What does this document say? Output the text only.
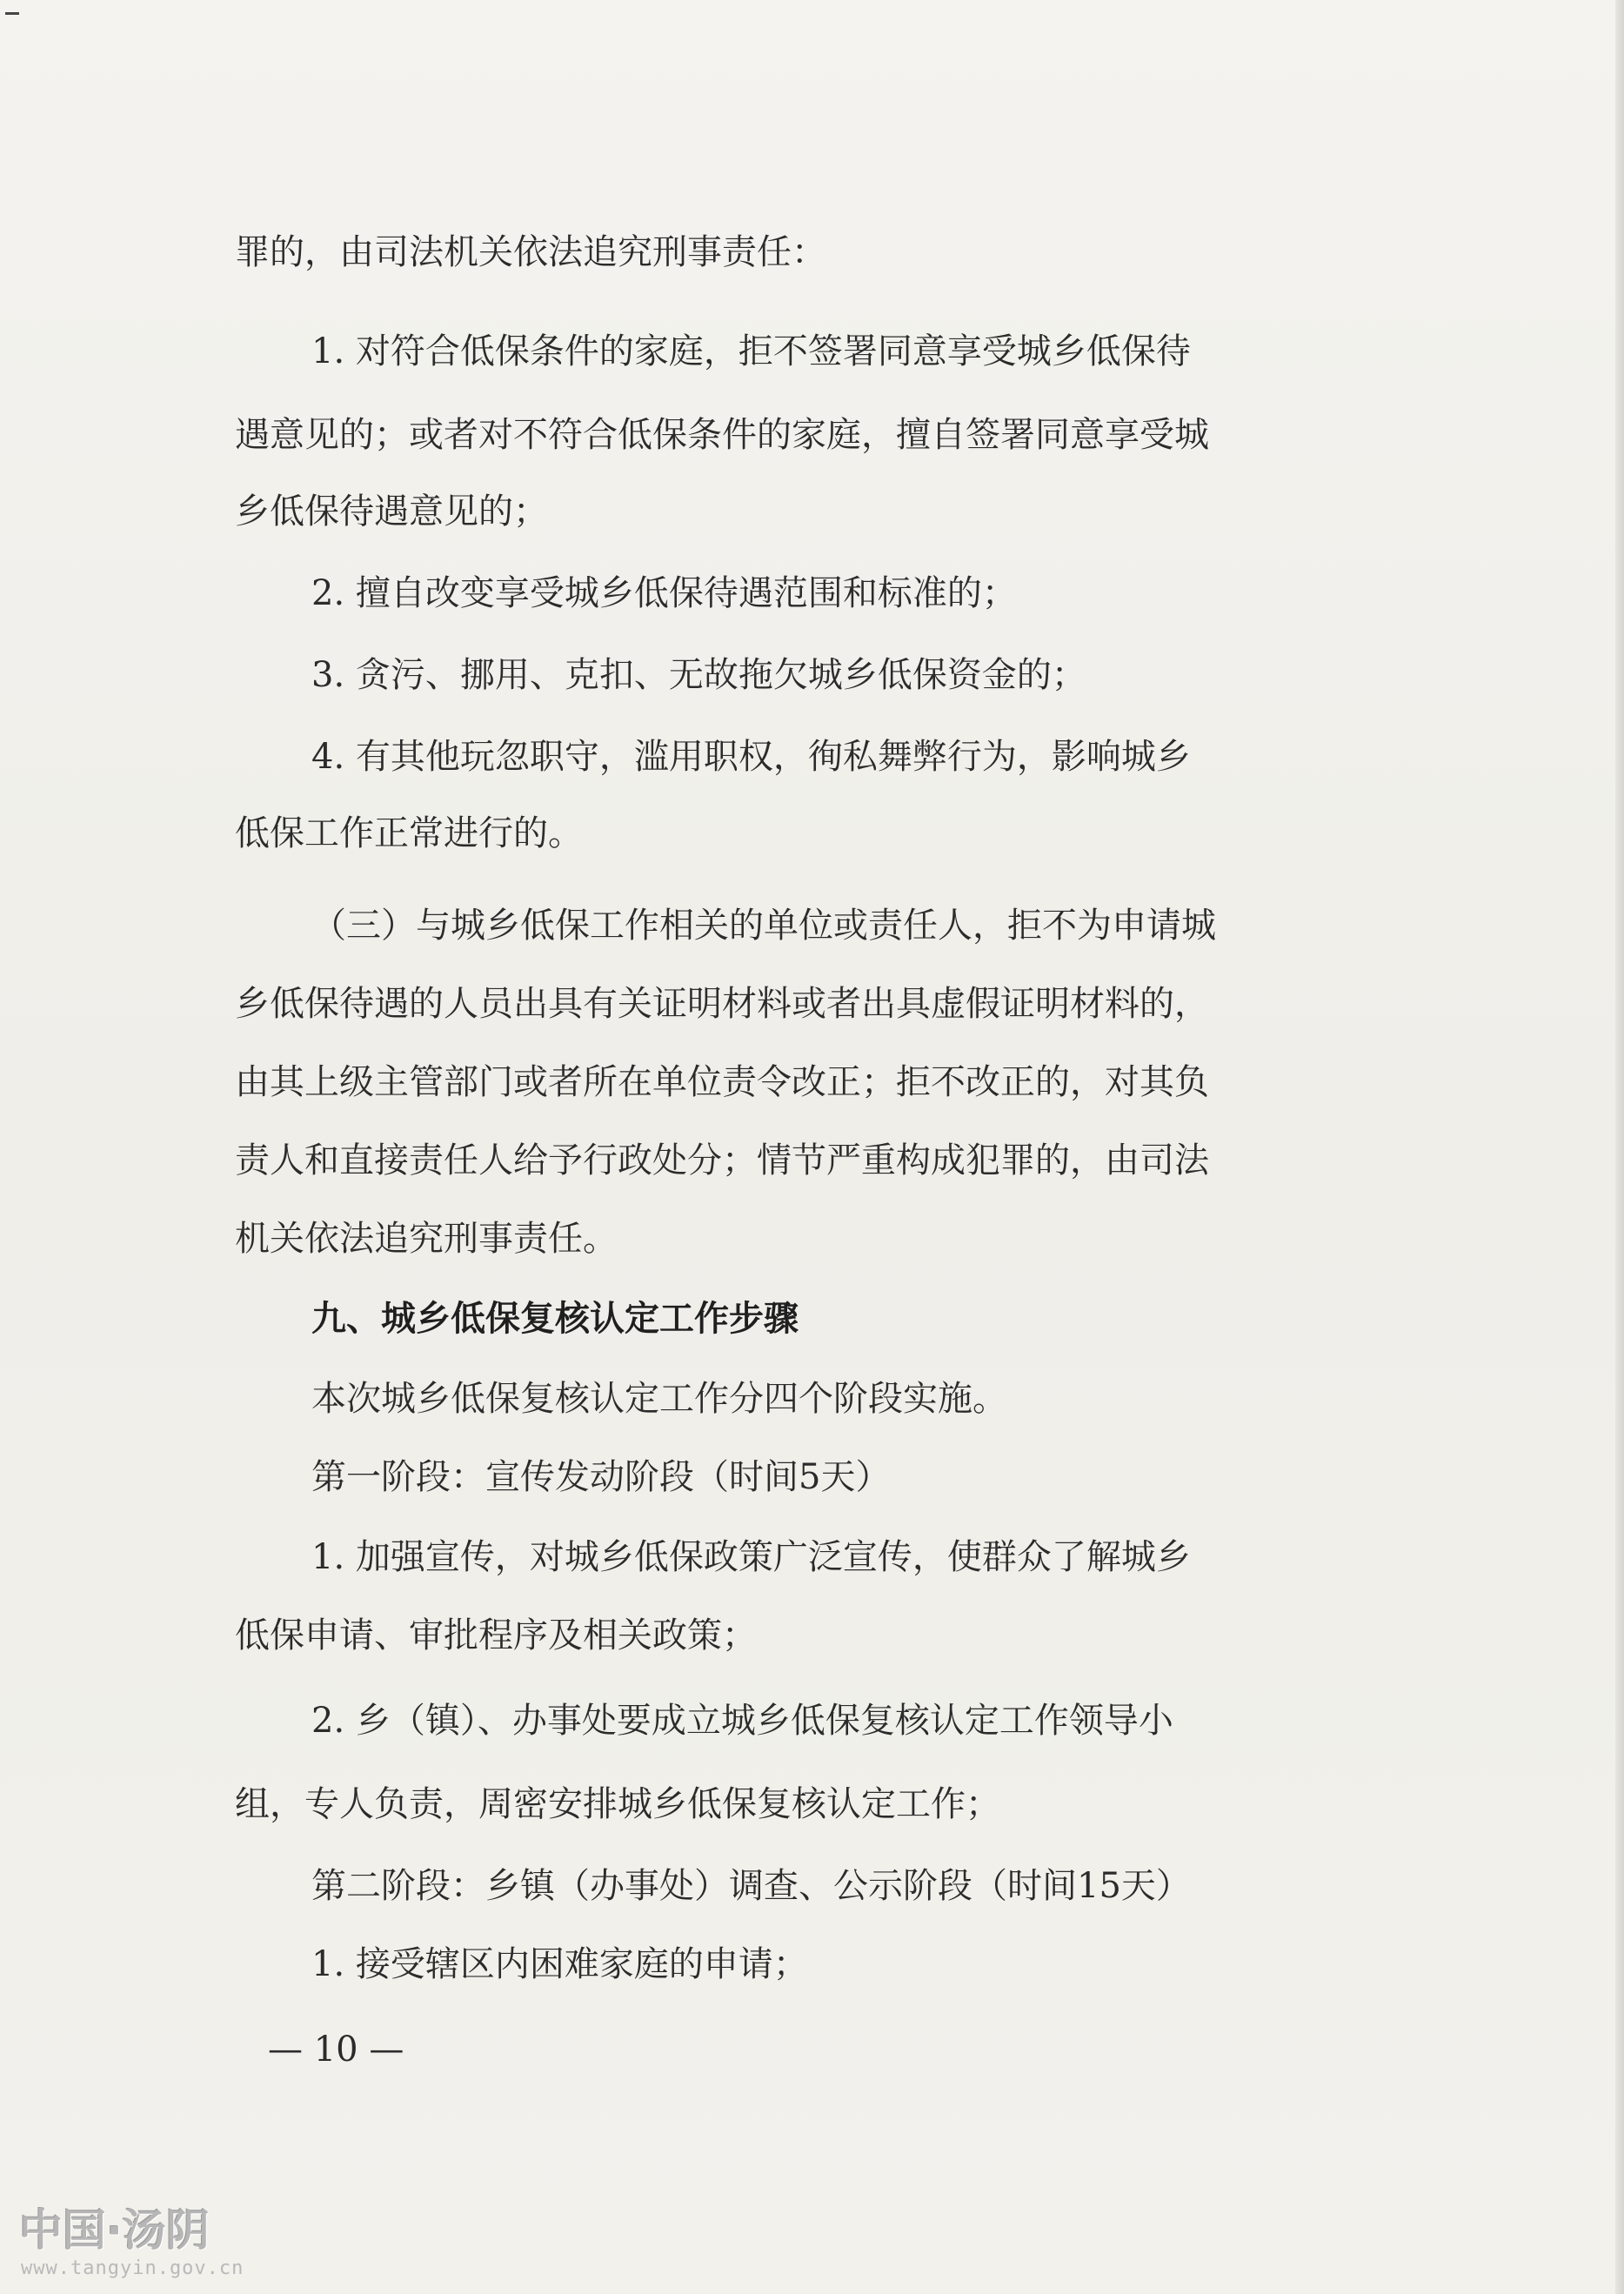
罪的，由司法机关依法追究刑事责任：
1. 对符合低保条件的家庭，拒不签署同意享受城乡低保待
遇意见的；或者对不符合低保条件的家庭，擅自签署同意享受城
乡低保待遇意见的；
2. 擅自改变享受城乡低保待遇范围和标准的；
3. 贪污、挪用、克扣、无故拖欠城乡低保资金的；
4. 有其他玩忽职守，滥用职权，徇私舞弊行为，影响城乡
低保工作正常进行的。
（三）与城乡低保工作相关的单位或责任人，拒不为申请城
乡低保待遇的人员出具有关证明材料或者出具虚假证明材料的，
由其上级主管部门或者所在单位责令改正；拒不改正的，对其负
责人和直接责任人给予行政处分；情节严重构成犯罪的，由司法
机关依法追究刑事责任。
九、城乡低保复核认定工作步骤
本次城乡低保复核认定工作分四个阶段实施。
第一阶段：宣传发动阶段（时间5天）
1. 加强宣传，对城乡低保政策广泛宣传，使群众了解城乡
低保申请、审批程序及相关政策；
2. 乡（镇）、办事处要成立城乡低保复核认定工作领导小
组，专人负责，周密安排城乡低保复核认定工作；
第二阶段：乡镇（办事处）调查、公示阶段（时间15天）
1. 接受辖区内困难家庭的申请；
— 10 —
中国·汤阴
www.tangyin.gov.cn
